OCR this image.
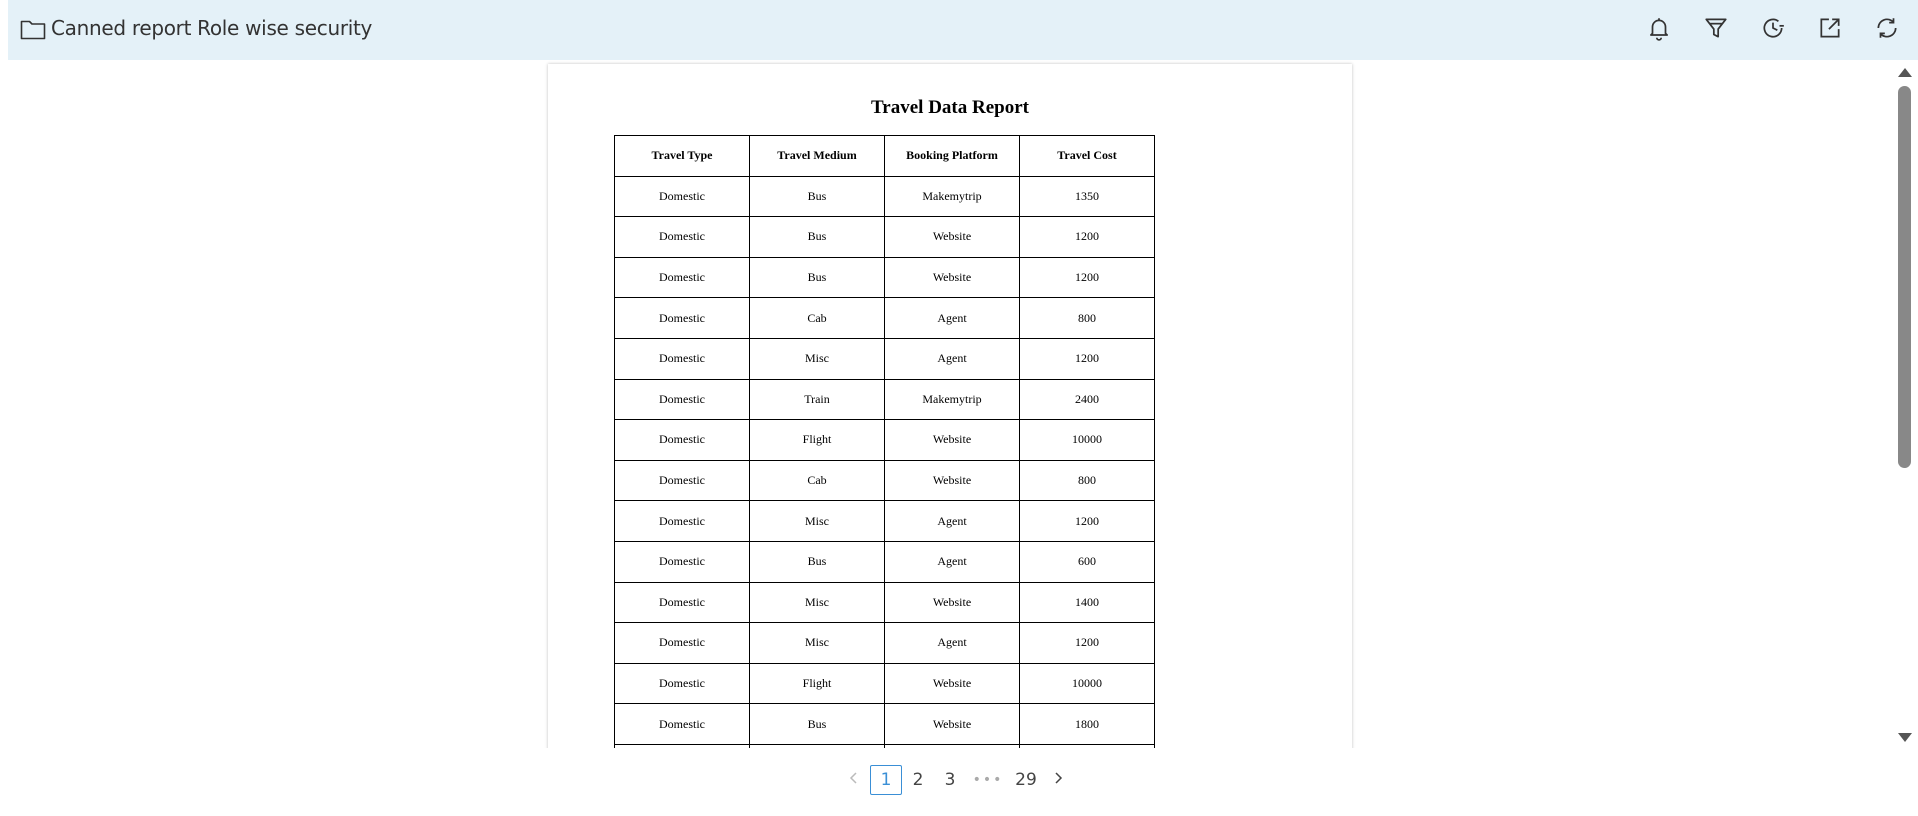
Canned report Role wise security
Travel Data Report
Travel Type	Travel Medium	Booking Platform	Travel Cost
Domestic	Bus	Makemytrip	1350
Domestic	Bus	Website	1200
Domestic	Bus	Website	1200
Domestic	Cab	Agent	800
Domestic	Misc	Agent	1200
Domestic	Train	Makemytrip	2400
Domestic	Flight	Website	10000
Domestic	Cab	Website	800
Domestic	Misc	Agent	1200
Domestic	Bus	Agent	600
Domestic	Misc	Website	1400
Domestic	Misc	Agent	1200
Domestic	Flight	Website	10000
Domestic	Bus	Website	1800

1	2	3	••• 29
